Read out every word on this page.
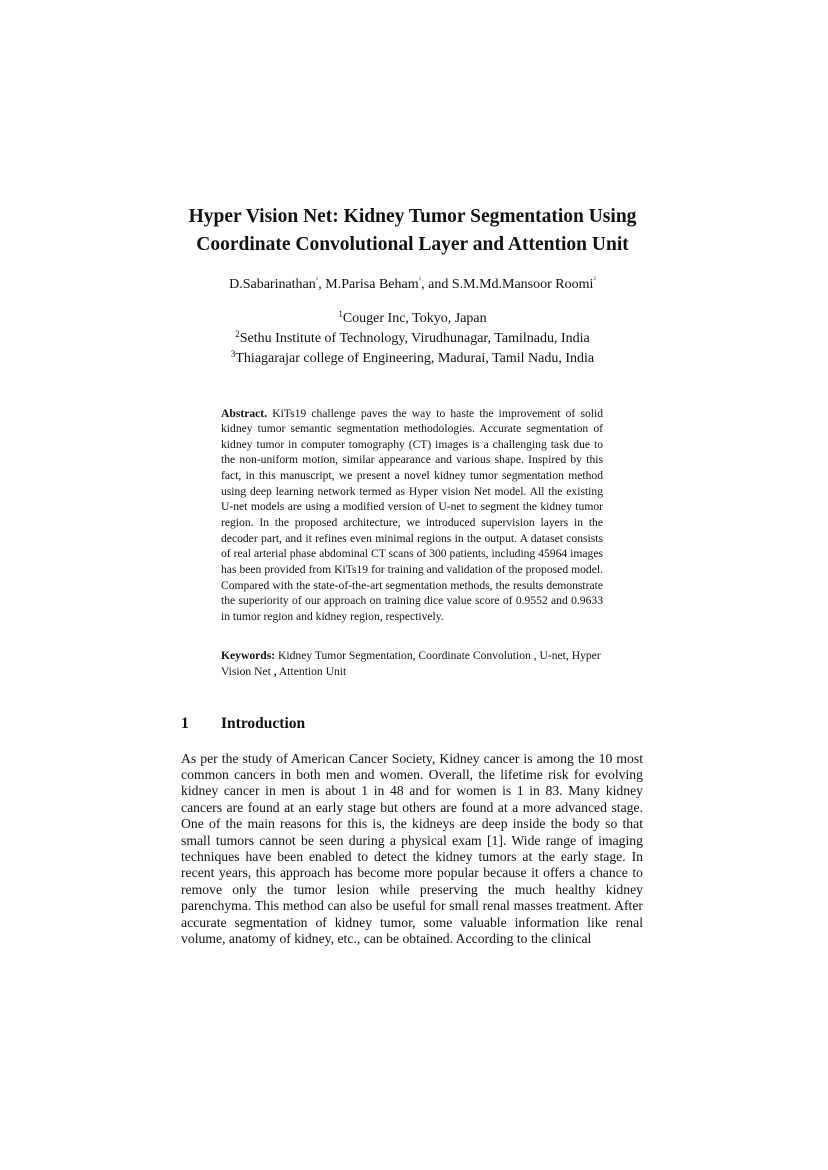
Hyper Vision Net: Kidney Tumor Segmentation Using
Coordinate Convolutional Layer and Attention Unit
D.Sabarinathan$^1$, M.Parisa Beham$^1$, and S.M.Md.Mansoor Roomi$^2$
$^1$Couger Inc, Tokyo, Japan
$^2$Sethu Institute of Technology, Virudhunagar, Tamilnadu, India
$^3$Thiagarajar college of Engineering, Madurai, Tamil Nadu, India

Abstract. KiTs19 challenge paves the way to haste the improvement of solid kidney tumor semantic segmentation methodologies. Accurate segmentation of kidney tumor in computer tomography (CT) images is a challenging task due to the non-uniform motion, similar appearance and various shape. Inspired by this fact, in this manuscript, we present a novel kidney tumor segmentation method using deep learning network termed as Hyper vision Net model. All the existing U-net models are using a modified version of U-net to segment the kidney tumor region. In the proposed architecture, we introduced supervision layers in the decoder part, and it refines even minimal regions in the output. A dataset consists of real arterial phase abdominal CT scans of 300 patients, including 45964 images has been provided from KiTs19 for training and validation of the proposed model. Compared with the state-of-the-art segmentation methods, the results demonstrate the superiority of our approach on training dice value score of 0.9552 and 0.9633 in tumor region and kidney region, respectively.

Keywords: Kidney Tumor Segmentation, Coordinate Convolution , U-net, Hyper Vision Net , Attention Unit

1 Introduction

As per the study of American Cancer Society, Kidney cancer is among the 10 most common cancers in both men and women. Overall, the lifetime risk for evolving kidney cancer in men is about 1 in 48 and for women is 1 in 83. Many kidney cancers are found at an early stage but others are found at a more advanced stage. One of the main reasons for this is, the kidneys are deep inside the body so that small tumors cannot be seen during a physical exam [1]. Wide range of imaging techniques have been enabled to detect the kidney tumors at the early stage. In recent years, this approach has become more popular because it offers a chance to remove only the tumor lesion while preserving the much healthy kidney parenchyma. This method can also be useful for small renal masses treatment. After accurate segmentation of kidney tumor, some valuable information like renal volume, anatomy of kidney, etc., can be obtained. According to the clinical
